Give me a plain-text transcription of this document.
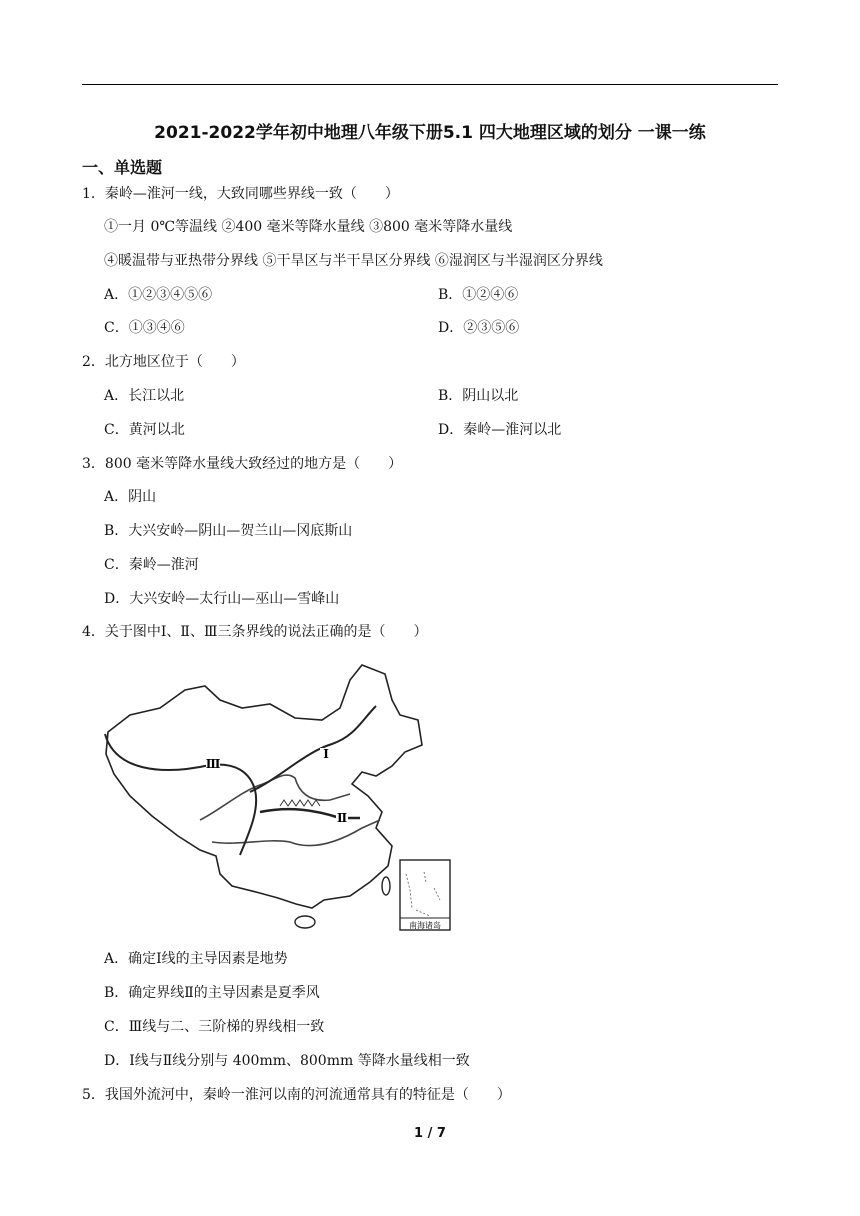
2021-2022学年初中地理八年级下册5.1 四大地理区域的划分 一课一练
一、单选题
1．秦岭—淮河一线，大致同哪些界线一致（　　）
①一月 0℃等温线 ②400 毫米等降水量线 ③800 毫米等降水量线
④暖温带与亚热带分界线 ⑤干旱区与半干旱区分界线 ⑥湿润区与半湿润区分界线
A．①②③④⑤⑥	B．①②④⑥
C．①③④⑥	D．②③⑤⑥
2．北方地区位于（　　）
A．长江以北	B．阴山以北
C．黄河以北	D．秦岭—淮河以北
3．800 毫米等降水量线大致经过的地方是（　　）
A．阴山
B．大兴安岭—阴山—贺兰山—冈底斯山
C．秦岭—淮河
D．大兴安岭—太行山—巫山—雪峰山
4．关于图中Ⅰ、Ⅱ、Ⅲ三条界线的说法正确的是（　　）
Ⅲ
Ⅰ
Ⅱ
南海诸岛
A．确定Ⅰ线的主导因素是地势
B．确定界线Ⅱ的主导因素是夏季风
C．Ⅲ线与二、三阶梯的界线相一致
D．Ⅰ线与Ⅱ线分别与 400mm、800mm 等降水量线相一致
5．我国外流河中，秦岭一淮河以南的河流通常具有的特征是（　　）
1 / 7
